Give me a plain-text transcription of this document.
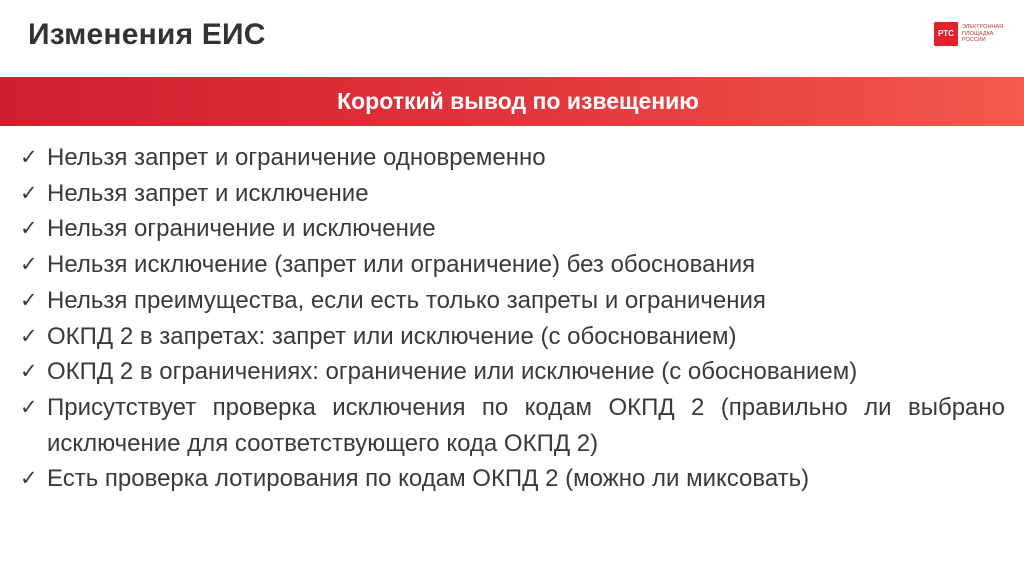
Изменения ЕИС	РТС
ЭЛЕКТРОННАЯ ПЛОЩАДКА РОССИИ
Короткий вывод по извещению
✓ Нельзя запрет и ограничение одновременно
✓ Нельзя запрет и исключение
✓ Нельзя ограничение и исключение
✓ Нельзя исключение (запрет или ограничение) без обоснования
✓ Нельзя преимущества, если есть только запреты и ограничения
✓ ОКПД 2 в запретах: запрет или исключение (с обоснованием)
✓ ОКПД 2 в ограничениях: ограничение или исключение (с обоснованием)
✓ Присутствует проверка исключения по кодам ОКПД 2 (правильно ли выбрано исключение для соответствующего кода ОКПД 2)
✓ Есть проверка лотирования по кодам ОКПД 2 (можно ли миксовать)
